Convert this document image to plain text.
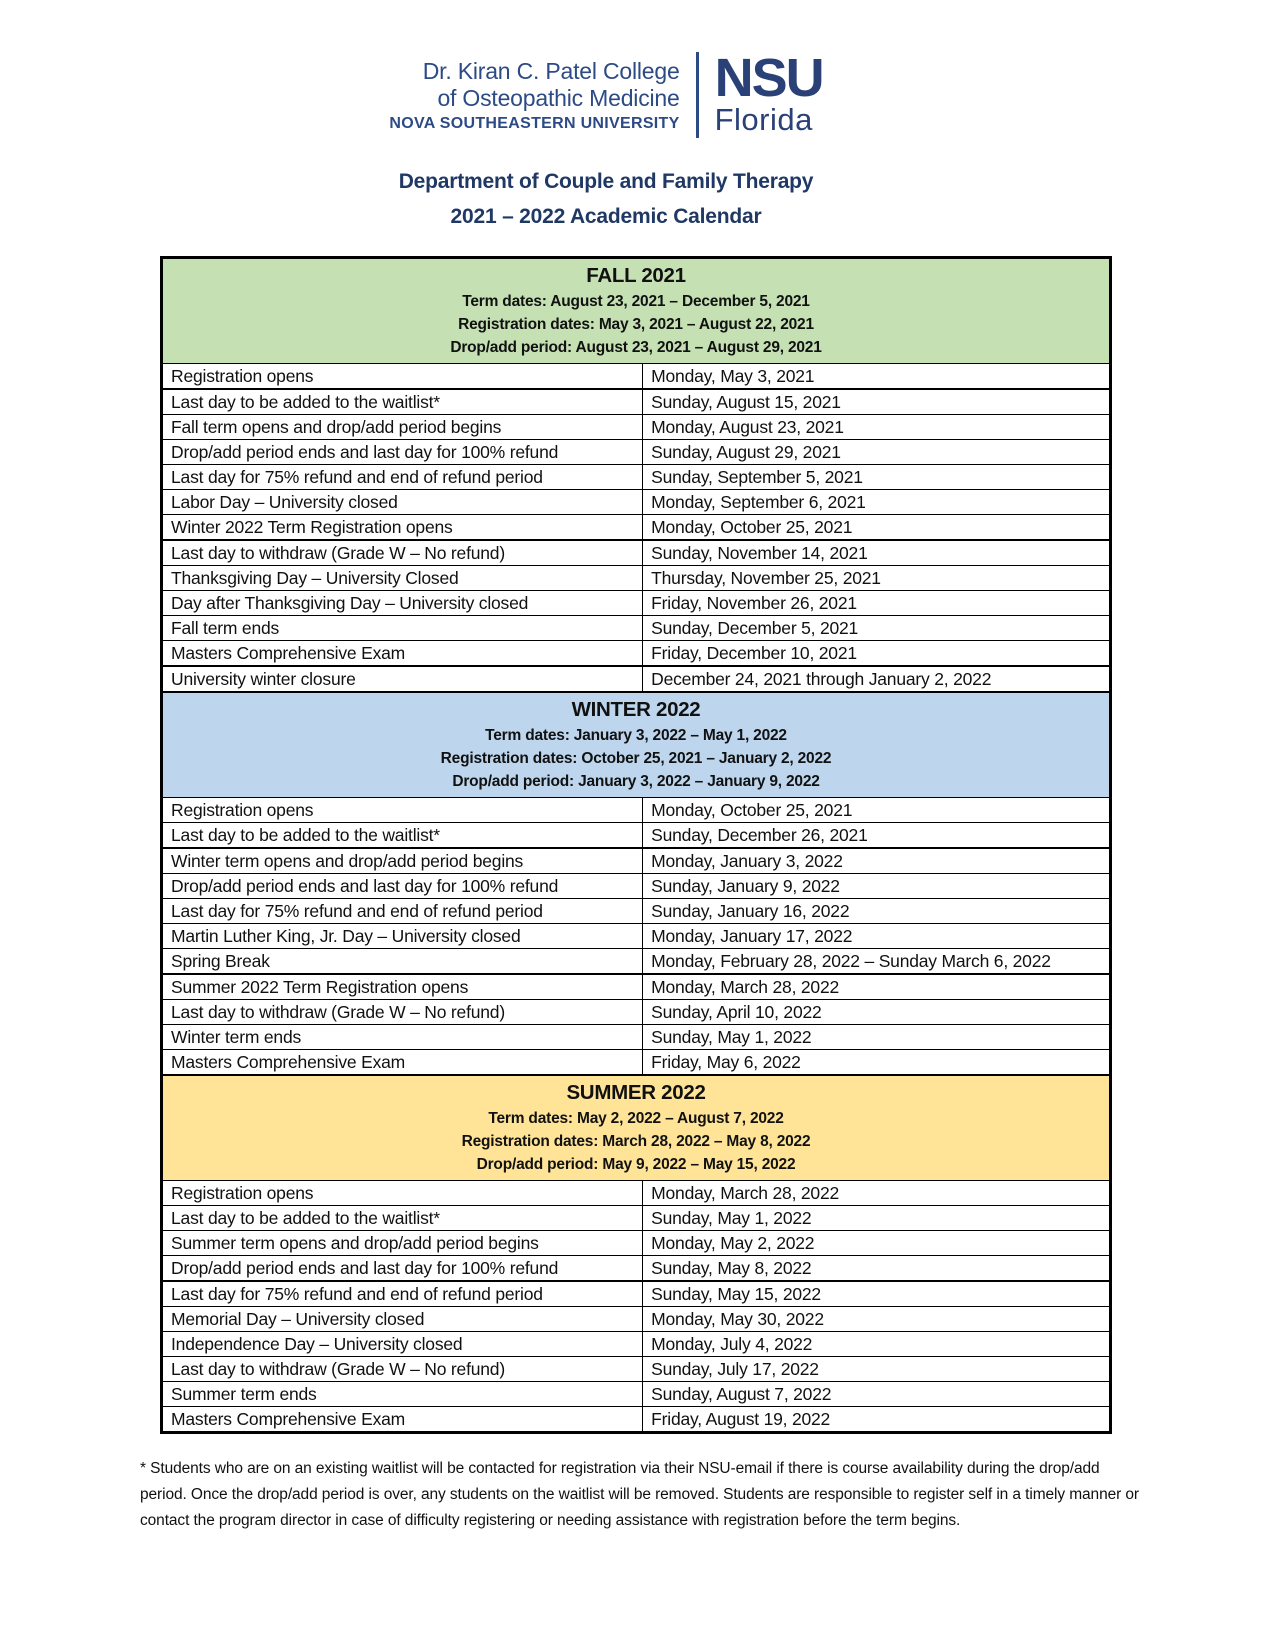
Dr. Kiran C. Patel College
of Osteopathic Medicine
NOVA SOUTHEASTERN UNIVERSITY
NSU
Florida
Department of Couple and Family Therapy
2021 – 2022 Academic Calendar
FALL 2021
Term dates: August 23, 2021 – December 5, 2021
Registration dates: May 3, 2021 – August 22, 2021
Drop/add period: August 23, 2021 – August 29, 2021	

Registration opens	Monday, May 3, 2021
Last day to be added to the waitlist*	Sunday, August 15, 2021
Fall term opens and drop/add period begins	Monday, August 23, 2021
Drop/add period ends and last day for 100% refund	Sunday, August 29, 2021
Last day for 75% refund and end of refund period	Sunday, September 5, 2021
Labor Day – University closed	Monday, September 6, 2021
Winter 2022 Term Registration opens	Monday, October 25, 2021
Last day to withdraw (Grade W – No refund)	Sunday, November 14, 2021
Thanksgiving Day – University Closed	Thursday, November 25, 2021
Day after Thanksgiving Day – University closed	Friday, November 26, 2021
Fall term ends	Sunday, December 5, 2021
Masters Comprehensive Exam	Friday, December 10, 2021
University winter closure	December 24, 2021 through January 2, 2022

WINTER 2022
Term dates: January 3, 2022 – May 1, 2022
Registration dates: October 25, 2021 – January 2, 2022
Drop/add period: January 3, 2022 – January 9, 2022	

Registration opens	Monday, October 25, 2021
Last day to be added to the waitlist*	Sunday, December 26, 2021
Winter term opens and drop/add period begins	Monday, January 3, 2022
Drop/add period ends and last day for 100% refund	Sunday, January 9, 2022
Last day for 75% refund and end of refund period	Sunday, January 16, 2022
Martin Luther King, Jr. Day – University closed	Monday, January 17, 2022
Spring Break	Monday, February 28, 2022 – Sunday March 6, 2022
Summer 2022 Term Registration opens	Monday, March 28, 2022
Last day to withdraw (Grade W – No refund)	Sunday, April 10, 2022
Winter term ends	Sunday, May 1, 2022
Masters Comprehensive Exam	Friday, May 6, 2022

SUMMER 2022
Term dates: May 2, 2022 – August 7, 2022
Registration dates: March 28, 2022 – May 8, 2022
Drop/add period: May 9, 2022 – May 15, 2022	

Registration opens	Monday, March 28, 2022
Last day to be added to the waitlist*	Sunday, May 1, 2022
Summer term opens and drop/add period begins	Monday, May 2, 2022
Drop/add period ends and last day for 100% refund	Sunday, May 8, 2022
Last day for 75% refund and end of refund period	Sunday, May 15, 2022
Memorial Day – University closed	Monday, May 30, 2022
Independence Day – University closed	Monday, July 4, 2022
Last day to withdraw (Grade W – No refund)	Sunday, July 17, 2022
Summer term ends	Sunday, August 7, 2022
Masters Comprehensive Exam	Friday, August 19, 2022
* Students who are on an existing waitlist will be contacted for registration via their NSU-email if there is course availability during the drop/add period. Once the drop/add period is over, any students on the waitlist will be removed. Students are responsible to register self in a timely manner or contact the program director in case of difficulty registering or needing assistance with registration before the term begins.
